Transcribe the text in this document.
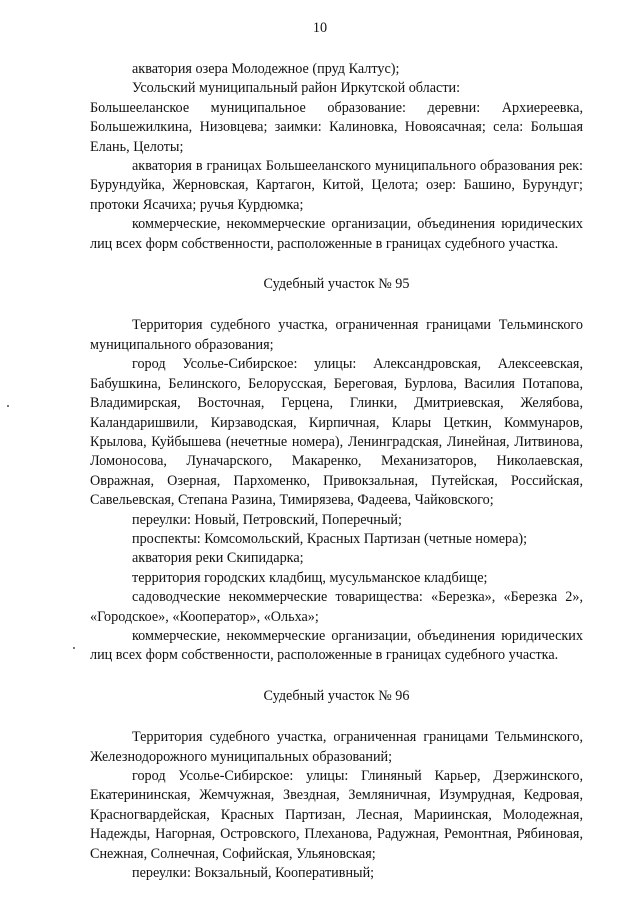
10

акватория озера Молодежное (пруд Калтус);

Усольский муниципальный район Иркутской области:

Большееланское муниципальное образование: деревни: Архиереевка, Большежилкина, Низовцева; заимки: Калиновка, Новоясачная; села: Большая Елань, Целоты;

акватория в границах Большееланского муниципального образования рек: Бурундуйка, Жерновская, Картагон, Китой, Целота; озер: Башино, Бурундуг; протоки Ясачиха; ручья Курдюмка;

коммерческие, некоммерческие организации, объединения юридических лиц всех форм собственности, расположенные в границах судебного участка.

Судебный участок № 95

Территория судебного участка, ограниченная границами Тельминского муниципального образования;

город Усолье-Сибирское: улицы: Александровская, Алексеевская, Бабушкина, Белинского, Белорусская, Береговая, Бурлова, Василия Потапова, Владимирская, Восточная, Герцена, Глинки, Дмитриевская, Желябова, Каландаришвили, Кирзаводская, Кирпичная, Клары Цеткин, Коммунаров, Крылова, Куйбышева (нечетные номера), Ленинградская, Линейная, Литвинова, Ломоносова, Луначарского, Макаренко, Механизаторов, Николаевская, Овражная, Озерная, Пархоменко, Привокзальная, Путейская, Российская, Савельевская, Степана Разина, Тимирязева, Фадеева, Чайковского;

переулки: Новый, Петровский, Поперечный;

проспекты: Комсомольский, Красных Партизан (четные номера);

акватория реки Скипидарка;

территория городских кладбищ, мусульманское кладбище;

садоводческие некоммерческие товарищества: «Березка», «Березка 2», «Городское», «Кооператор», «Ольха»;

коммерческие, некоммерческие организации, объединения юридических лиц всех форм собственности, расположенные в границах судебного участка.

Судебный участок № 96

Территория судебного участка, ограниченная границами Тельминского, Железнодорожного муниципальных образований;

город Усолье-Сибирское: улицы: Глиняный Карьер, Дзержинского, Екатерининская, Жемчужная, Звездная, Земляничная, Изумрудная, Кедровая, Красногвардейская, Красных Партизан, Лесная, Мариинская, Молодежная, Надежды, Нагорная, Островского, Плеханова, Радужная, Ремонтная, Рябиновая, Снежная, Солнечная, Софийская, Ульяновская;

переулки: Вокзальный, Кооперативный;
